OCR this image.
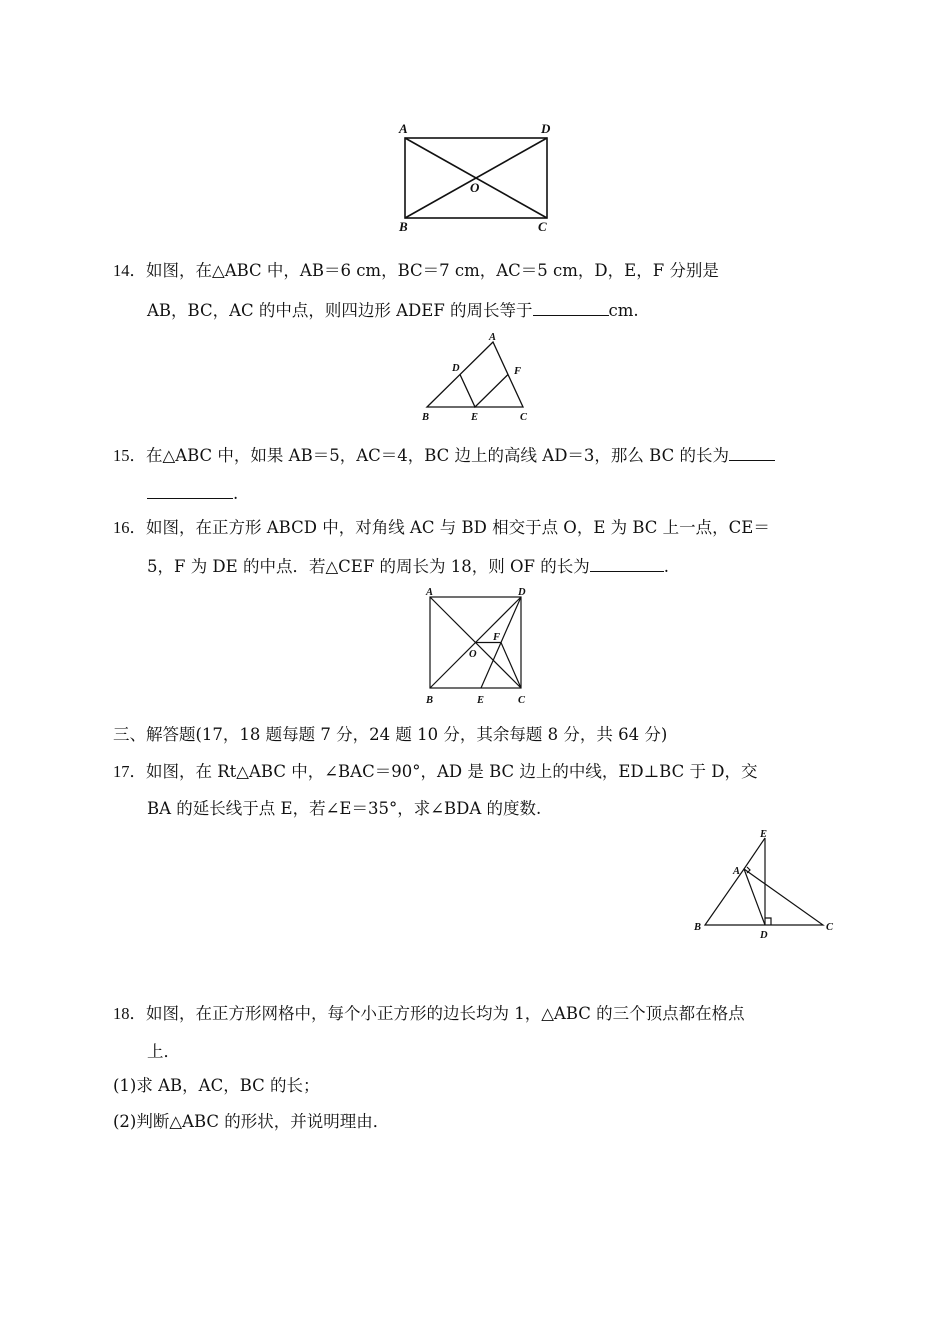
A	D
O
B	C
14．如图，在△ABC 中，AB＝6 cm，BC＝7 cm，AC＝5 cm，D，E，F 分别是
AB，BC，AC 的中点，则四边形 ADEF 的周长等于	cm.
A
D	F
B	E	C
15．在△ABC 中，如果 AB＝5，AC＝4，BC 边上的高线 AD＝3，那么 BC 的长为
.
16．如图，在正方形 ABCD 中，对角线 AC 与 BD 相交于点 O，E 为 BC 上一点，CE＝
5，F 为 DE 的中点．若△CEF 的周长为 18，则 OF 的长为	.
A	D
F
O
B	E	C
三、解答题(17，18 题每题 7 分，24 题 10 分，其余每题 8 分，共 64 分)
17．如图，在 Rt△ABC 中，∠BAC＝90°，AD 是 BC 边上的中线，ED⊥BC 于 D，交
BA 的延长线于点 E，若∠E＝35°，求∠BDA 的度数.
E
A
B
D
C
18．如图，在正方形网格中，每个小正方形的边长均为 1，△ABC 的三个顶点都在格点
上．
(1)求 AB，AC，BC 的长；
(2)判断△ABC 的形状，并说明理由．
